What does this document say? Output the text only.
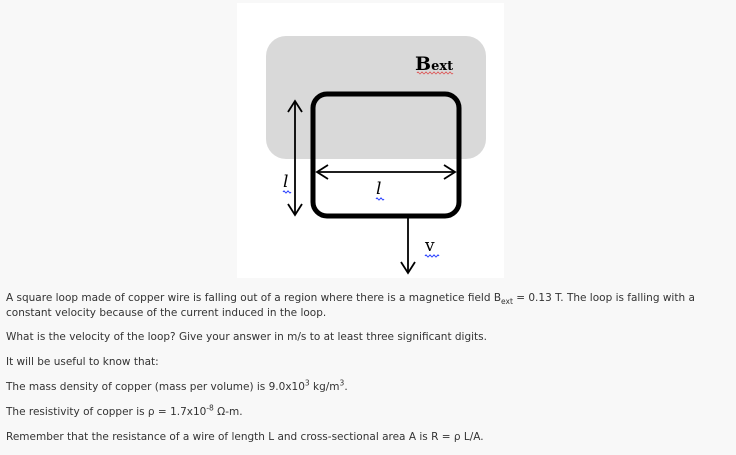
Bext
l	l
v

A square loop made of copper wire is falling out of a region where there is a magnetice field $B_{ext} = 0.13$ T. The loop is falling with a constant velocity because of the current induced in the loop.

What is the velocity of the loop? Give your answer in m/s to at least three significant digits.

It will be useful to know that:

The mass density of copper (mass per volume) is $9.0x10^3$ $kg/m^3$.

The resistivity of copper is $\rho = 1.7x10^{-8}$ Ω-m.

Remember that the resistance of a wire of length L and cross-sectional area A is R = ρ L/A.
